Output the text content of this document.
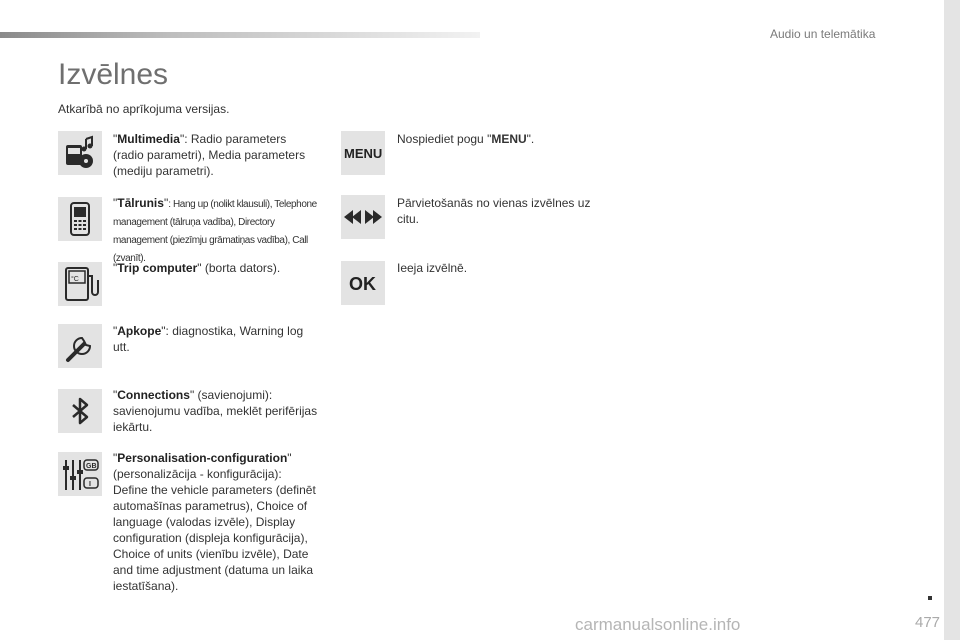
Audio un telemātika
Izvēlnes
Atkarībā no aprīkojuma versijas.
"Multimedia": Radio parameters (radio parametri), Media parameters (mediju parametri).
"Tālrunis": Hang up (nolikt klausuli), Telephone management (tālruņa vadība), Directory management (piezīmju grāmatiņas vadība), Call (zvanīt).
°C
"Trip computer" (borta dators).
"Apkope": diagnostika, Warning log utt.
"Connections" (savienojumi): savienojumu vadība, meklēt perifērijas iekārtu.
GB
I
"Personalisation-configuration" (personalizācija - konfigurācija): Define the vehicle parameters (definēt automašīnas parametrus), Choice of language (valodas izvēle), Display configuration (displeja konfigurācija), Choice of units (vienību izvēle), Date and time adjustment (datuma un laika iestatīšana).
MENU
Nospiediet pogu "MENU".
Pārvietošanās no vienas izvēlnes uz citu.
OK
Ieeja izvēlnē.
477
carmanualsonline.info
